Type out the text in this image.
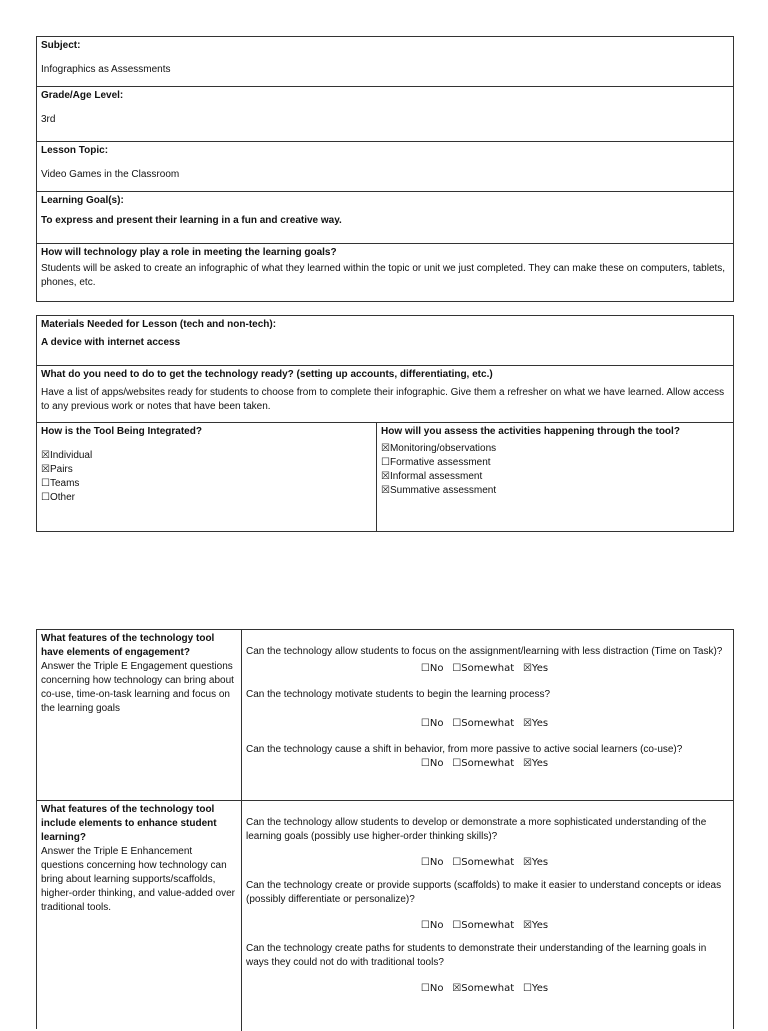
Subject:
Infographics as Assessments
Grade/Age Level:
3rd
Lesson Topic:
Video Games in the Classroom
Learning Goal(s):
To express and present their learning in a fun and creative way.
How will technology play a role in meeting the learning goals?
Students will be asked to create an infographic of what they learned within the topic or unit we just completed. They can make these on computers, tablets, phones, etc.
Materials Needed for Lesson (tech and non-tech):
A device with internet access
What do you need to do to get the technology ready? (setting up accounts, differentiating, etc.)
Have a list of apps/websites ready for students to choose from to complete their infographic. Give them a refresher on what we have learned. Allow access to any previous work or notes that have been taken.
How is the Tool Being Integrated?
☒Individual
☒Pairs
☐Teams
☐Other
How will you assess the activities happening through the tool?
☒Monitoring/observations
☐Formative assessment
☒Informal assessment
☒Summative assessment
What features of the technology tool have elements of engagement?
Answer the Triple E Engagement questions concerning how technology can bring about co-use, time-on-task learning and focus on the learning goals
Can the technology allow students to focus on the assignment/learning with less distraction (Time on Task)?
☐No ☐Somewhat ☒Yes
Can the technology motivate students to begin the learning process?
☐No ☐Somewhat ☒Yes
Can the technology cause a shift in behavior, from more passive to active social learners (co-use)?
☐No ☐Somewhat ☒Yes
What features of the technology tool include elements to enhance student learning?
Answer the Triple E Enhancement questions concerning how technology can bring about learning supports/scaffolds, higher-order thinking, and value-added over traditional tools.
Can the technology allow students to develop or demonstrate a more sophisticated understanding of the learning goals (possibly use higher-order thinking skills)?
☐No ☐Somewhat ☒Yes
Can the technology create or provide supports (scaffolds) to make it easier to understand concepts or ideas (possibly differentiate or personalize)?
☐No ☐Somewhat ☒Yes
Can the technology create paths for students to demonstrate their understanding of the learning goals in ways they could not do with traditional tools?
☐No ☒Somewhat ☐Yes
